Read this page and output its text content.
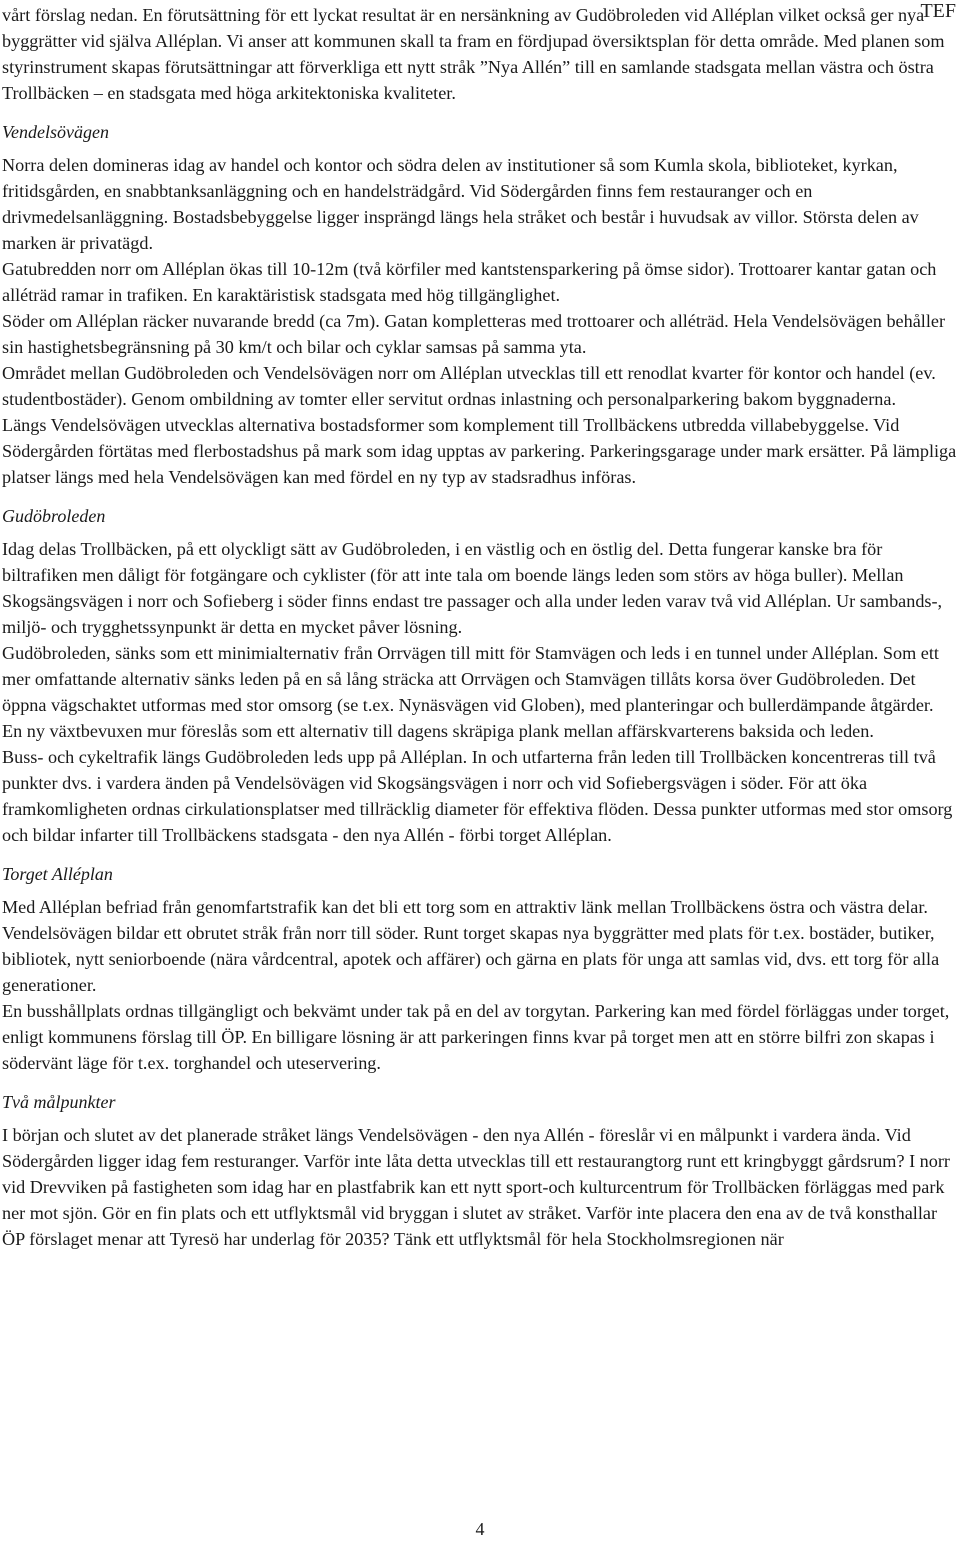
TEF

vårt förslag nedan. En förutsättning för ett lyckat resultat är en nersänkning av Gudöbroleden vid Alléplan vilket också ger nya byggrätter vid själva Alléplan. Vi anser att kommunen skall ta fram en fördjupad översiktsplan för detta område. Med planen som styrinstrument skapas förutsättningar att förverkliga ett nytt stråk ”Nya Allén” till en samlande stadsgata mellan västra och östra Trollbäcken – en stadsgata med höga arkitektoniska kvaliteter.

Vendelsövägen

Norra delen domineras idag av handel och kontor och södra delen av institutioner så som Kumla skola, biblioteket, kyrkan, fritidsgården, en snabbtanksanläggning och en handelsträdgård. Vid Södergården finns fem restauranger och en drivmedelsanläggning. Bostadsbebyggelse ligger insprängd längs hela stråket och består i huvudsak av villor. Största delen av marken är privatägd.

Gatubredden norr om Alléplan ökas till 10-12m (två körfiler med kantstensparkering på ömse sidor). Trottoarer kantar gatan och alléträd ramar in trafiken. En karaktäristisk stadsgata med hög tillgänglighet.

Söder om Alléplan räcker nuvarande bredd (ca 7m). Gatan kompletteras med trottoarer och alléträd. Hela Vendelsövägen behåller sin hastighetsbegränsning på 30 km/t och bilar och cyklar samsas på samma yta.

Området mellan Gudöbroleden och Vendelsövägen norr om Alléplan utvecklas till ett renodlat kvarter för kontor och handel (ev. studentbostäder). Genom ombildning av tomter eller servitut ordnas inlastning och personalparkering bakom byggnaderna.

Längs Vendelsövägen utvecklas alternativa bostadsformer som komplement till Trollbäckens utbredda villabebyggelse. Vid Södergården förtätas med flerbostadshus på mark som idag upptas av parkering. Parkeringsgarage under mark ersätter. På lämpliga platser längs med hela Vendelsövägen kan med fördel en ny typ av stadsradhus införas.

Gudöbroleden

Idag delas Trollbäcken, på ett olyckligt sätt av Gudöbroleden, i en västlig och en östlig del. Detta fungerar kanske bra för biltrafiken men dåligt för fotgängare och cyklister (för att inte tala om boende längs leden som störs av höga buller). Mellan Skogsängsvägen i norr och Sofieberg i söder finns endast tre passager och alla under leden varav två vid Alléplan. Ur sambands-, miljö- och trygghetssynpunkt är detta en mycket påver lösning.

Gudöbroleden, sänks som ett minimialternativ från Orrvägen till mitt för Stamvägen och leds i en tunnel under Alléplan. Som ett mer omfattande alternativ sänks leden på en så lång sträcka att Orrvägen och Stamvägen tillåts korsa över Gudöbroleden. Det öppna vägschaktet utformas med stor omsorg (se t.ex. Nynäsvägen vid Globen), med planteringar och bullerdämpande åtgärder. En ny växtbevuxen mur föreslås som ett alternativ till dagens skräpiga plank mellan affärskvarterens baksida och leden.

Buss- och cykeltrafik längs Gudöbroleden leds upp på Alléplan. In och utfarterna från leden till Trollbäcken koncentreras till två punkter dvs. i vardera änden på Vendelsövägen vid Skogsängsvägen i norr och vid Sofiebergsvägen i söder. För att öka framkomligheten ordnas cirkulationsplatser med tillräcklig diameter för effektiva flöden. Dessa punkter utformas med stor omsorg och bildar infarter till Trollbäckens stadsgata - den nya Allén - förbi torget Alléplan.

Torget Alléplan

Med Alléplan befriad från genomfartstrafik kan det bli ett torg som en attraktiv länk mellan Trollbäckens östra och västra delar. Vendelsövägen bildar ett obrutet stråk från norr till söder. Runt torget skapas nya byggrätter med plats för t.ex. bostäder, butiker, bibliotek, nytt seniorboende (nära vårdcentral, apotek och affärer) och gärna en plats för unga att samlas vid, dvs. ett torg för alla generationer.

En busshållplats ordnas tillgängligt och bekvämt under tak på en del av torgytan. Parkering kan med fördel förläggas under torget, enligt kommunens förslag till ÖP. En billigare lösning är att parkeringen finns kvar på torget men att en större bilfri zon skapas i södervänt läge för t.ex. torghandel och uteservering.

Två målpunkter

I början och slutet av det planerade stråket längs Vendelsövägen - den nya Allén - föreslår vi en målpunkt i vardera ända. Vid Södergården ligger idag fem resturanger. Varför inte låta detta utvecklas till ett restaurangtorg runt ett kringbyggt gårdsrum? I norr vid Drevviken på fastigheten som idag har en plastfabrik kan ett nytt sport-och kulturcentrum för Trollbäcken förläggas med park ner mot sjön. Gör en fin plats och ett utflyktsmål vid bryggan i slutet av stråket. Varför inte placera den ena av de två konsthallar ÖP förslaget menar att Tyresö har underlag för 2035? Tänk ett utflyktsmål för hela Stockholmsregionen när

4
